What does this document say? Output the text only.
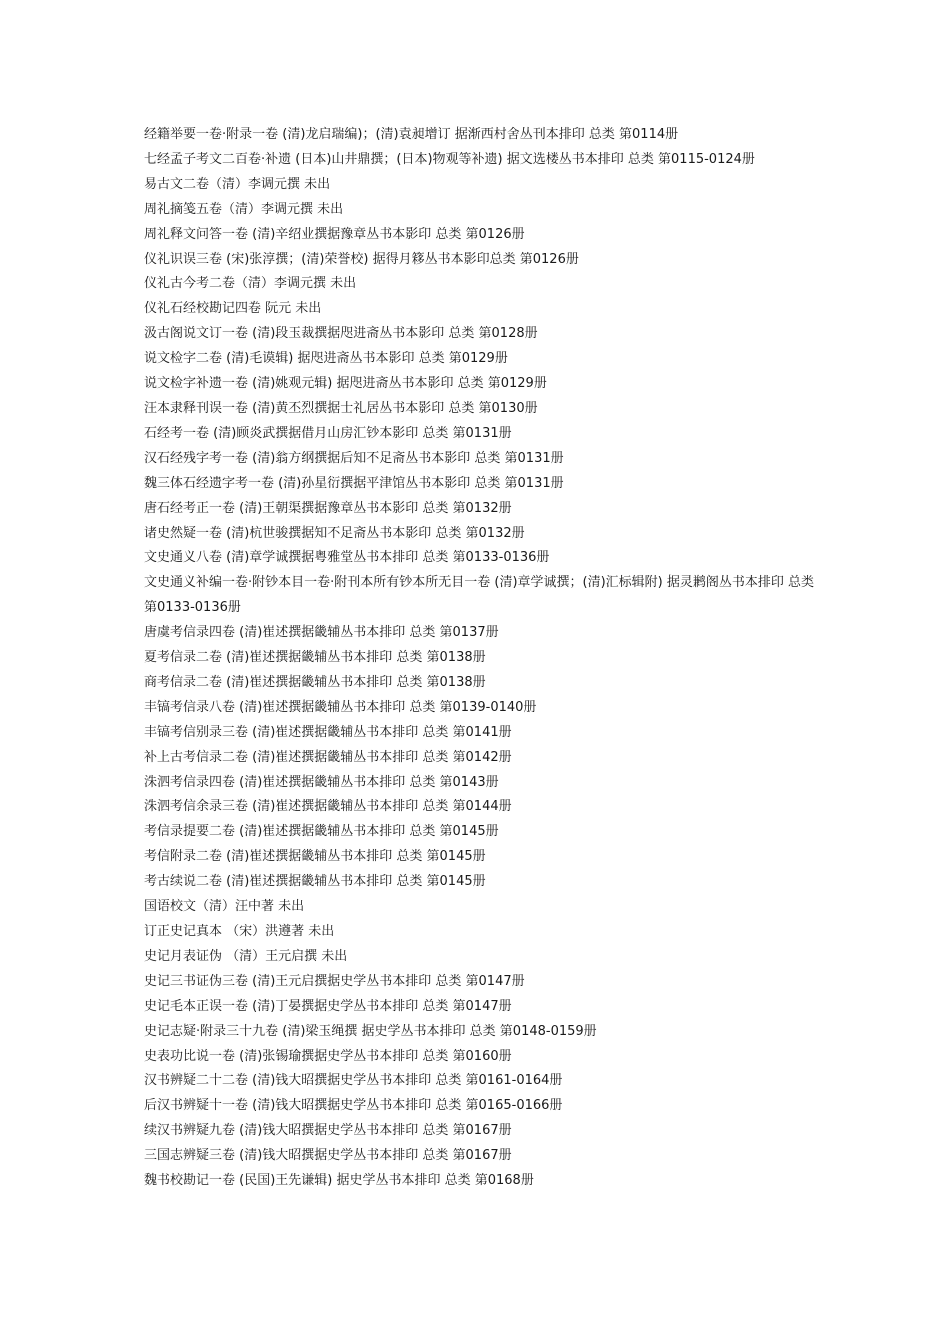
经籍举要一卷·附录一卷 (清)龙启瑞编)；(清)袁昶增订 据渐西村舍丛刊本排印 总类 第0114册

七经孟子考文二百卷·补遗 (日本)山井鼎撰；(日本)物观等补遗) 据文选楼丛书本排印 总类 第0115-0124册

易古文二卷（清）李调元撰 未出

周礼摘笺五卷（清）李调元撰 未出

周礼释文问答一卷 (清)辛绍业撰据豫章丛书本影印 总类 第0126册

仪礼识误三卷 (宋)张淳撰；(清)荣誉校) 据得月簃丛书本影印总类 第0126册

仪礼古今考二卷（清）李调元撰 未出

仪礼石经校勘记四卷 阮元 未出

汲古阁说文订一卷 (清)段玉裁撰据咫进斋丛书本影印 总类 第0128册

说文检字二卷 (清)毛谟辑) 据咫进斋丛书本影印 总类 第0129册

说文检字补遗一卷 (清)姚观元辑) 据咫进斋丛书本影印 总类 第0129册

汪本隶释刊误一卷 (清)黄丕烈撰据士礼居丛书本影印 总类 第0130册

石经考一卷 (清)顾炎武撰据借月山房汇钞本影印 总类 第0131册

汉石经残字考一卷 (清)翁方纲撰据后知不足斋丛书本影印 总类 第0131册

魏三体石经遗字考一卷 (清)孙星衍撰据平津馆丛书本影印 总类 第0131册

唐石经考正一卷 (清)王朝渠撰据豫章丛书本影印 总类 第0132册

诸史然疑一卷 (清)杭世骏撰据知不足斋丛书本影印 总类 第0132册

文史通义八卷 (清)章学诚撰据粤雅堂丛书本排印 总类 第0133-0136册

文史通义补编一卷·附钞本目一卷·附刊本所有钞本所无目一卷 (清)章学诚撰；(清)汇标辑附) 据灵鹣阁丛书本排印 总类 第0133-0136册

唐虞考信录四卷 (清)崔述撰据畿辅丛书本排印 总类 第0137册

夏考信录二卷 (清)崔述撰据畿辅丛书本排印 总类 第0138册

商考信录二卷 (清)崔述撰据畿辅丛书本排印 总类 第0138册

丰镐考信录八卷 (清)崔述撰据畿辅丛书本排印 总类 第0139-0140册

丰镐考信别录三卷 (清)崔述撰据畿辅丛书本排印 总类 第0141册

补上古考信录二卷 (清)崔述撰据畿辅丛书本排印 总类 第0142册

洙泗考信录四卷 (清)崔述撰据畿辅丛书本排印 总类 第0143册

洙泗考信余录三卷 (清)崔述撰据畿辅丛书本排印 总类 第0144册

考信录提要二卷 (清)崔述撰据畿辅丛书本排印 总类 第0145册

考信附录二卷 (清)崔述撰据畿辅丛书本排印 总类 第0145册

考古续说二卷 (清)崔述撰据畿辅丛书本排印 总类 第0145册

国语校文（清）汪中著 未出

订正史记真本 （宋）洪遵著 未出

史记月表证伪 （清）王元启撰 未出

史记三书证伪三卷 (清)王元启撰据史学丛书本排印 总类 第0147册

史记毛本正误一卷 (清)丁晏撰据史学丛书本排印 总类 第0147册

史记志疑·附录三十九卷 (清)梁玉绳撰 据史学丛书本排印 总类 第0148-0159册

史表功比说一卷 (清)张锡瑜撰据史学丛书本排印 总类 第0160册

汉书辨疑二十二卷 (清)钱大昭撰据史学丛书本排印 总类 第0161-0164册

后汉书辨疑十一卷 (清)钱大昭撰据史学丛书本排印 总类 第0165-0166册

续汉书辨疑九卷 (清)钱大昭撰据史学丛书本排印 总类 第0167册

三国志辨疑三卷 (清)钱大昭撰据史学丛书本排印 总类 第0167册

魏书校勘记一卷 (民国)王先谦辑) 据史学丛书本排印 总类 第0168册
